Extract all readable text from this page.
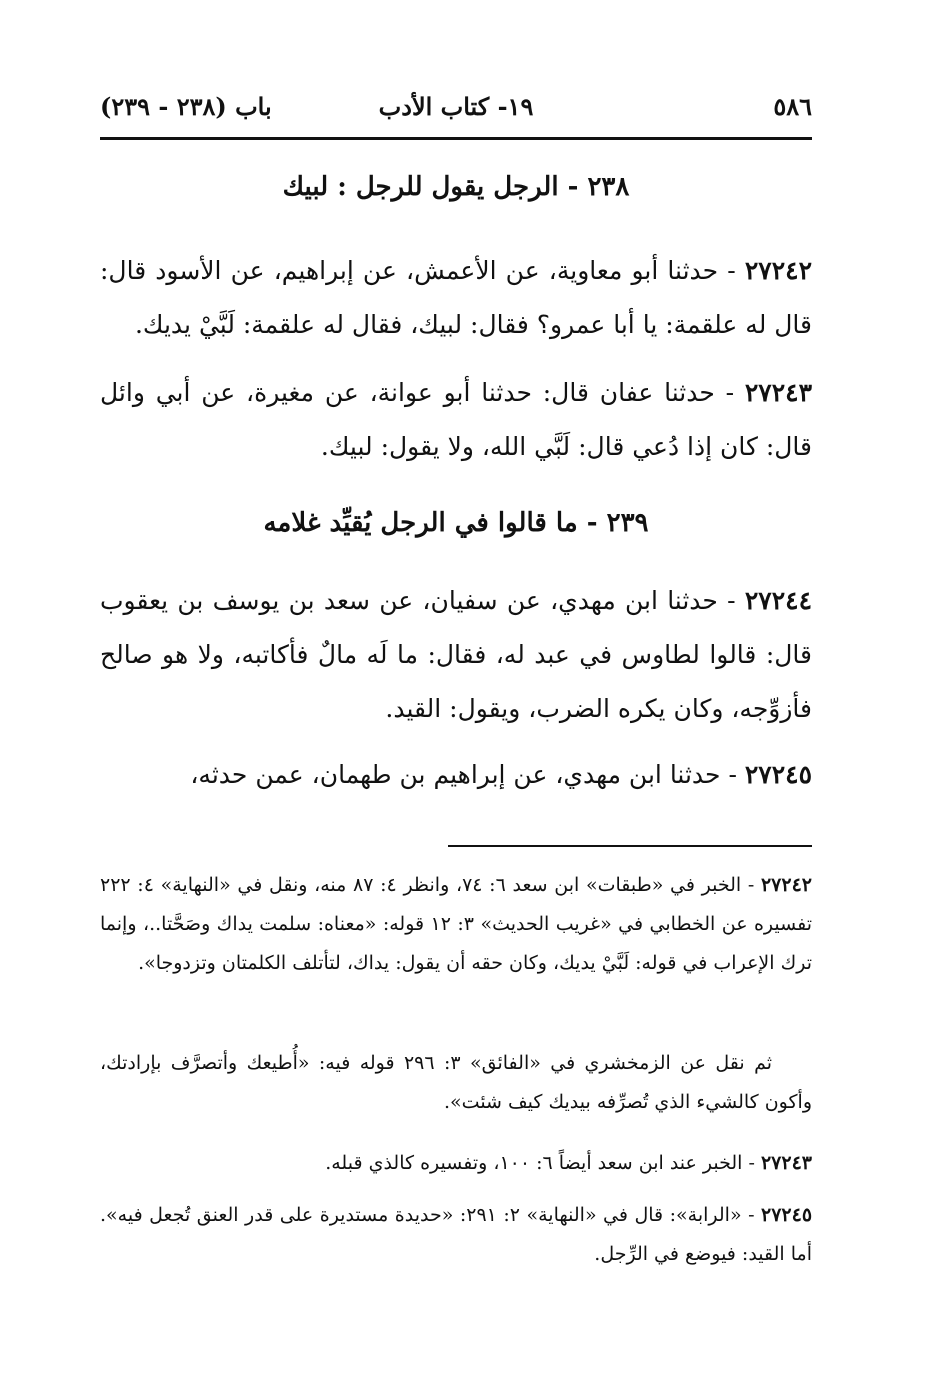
٥٨٦
١٩- كتاب الأدب
باب (٢٣٨ - ٢٣٩)
٢٣٨ - الرجل يقول للرجل : لبيك

٢٧٢٤٢ - حدثنا أبو معاوية، عن الأعمش، عن إبراهيم، عن الأسود قال: قال له علقمة: يا أبا عمرو؟ فقال: لبيك، فقال له علقمة: لَبَّيْ يديك.

٢٧٢٤٣ - حدثنا عفان قال: حدثنا أبو عوانة، عن مغيرة، عن أبي وائل قال: كان إذا دُعي قال: لَبَّي الله، ولا يقول: لبيك.

٢٣٩ - ما قالوا في الرجل يُقيِّد غلامه

٢٧٢٤٤ - حدثنا ابن مهدي، عن سفيان، عن سعد بن يوسف بن يعقوب قال: قالوا لطاوس في عبد له، فقال: ما لَه مالٌ فأكاتبه، ولا هو صالح فأزوِّجه، وكان يكره الضرب، ويقول: القيد.

٢٧٢٤٥ - حدثنا ابن مهدي، عن إبراهيم بن طهمان، عمن حدثه،

٢٧٢٤٢ - الخبر في «طبقات» ابن سعد ٦: ٧٤، وانظر ٤: ٨٧ منه، ونقل في «النهاية» ٤: ٢٢٢ تفسيره عن الخطابي في «غريب الحديث» ٣: ١٢ قوله: «معناه: سلمت يداك وصَحَّتا..، وإنما ترك الإعراب في قوله: لَبَّيْ يديك، وكان حقه أن يقول: يداك، لتأتلف الكلمتان وتزدوجا».

ثم نقل عن الزمخشري في «الفائق» ٣: ٢٩٦ قوله فيه: «أُطيعك وأتصرَّف بإرادتك، وأكون كالشيء الذي تُصرِّفه بيديك كيف شئت».

٢٧٢٤٣ - الخبر عند ابن سعد أيضاً ٦: ١٠٠، وتفسيره كالذي قبله.

٢٧٢٤٥ - «الرابة»: قال في «النهاية» ٢: ٢٩١: «حديدة مستديرة على قدر العنق تُجعل فيه». أما القيد: فيوضع في الرِّجل.
